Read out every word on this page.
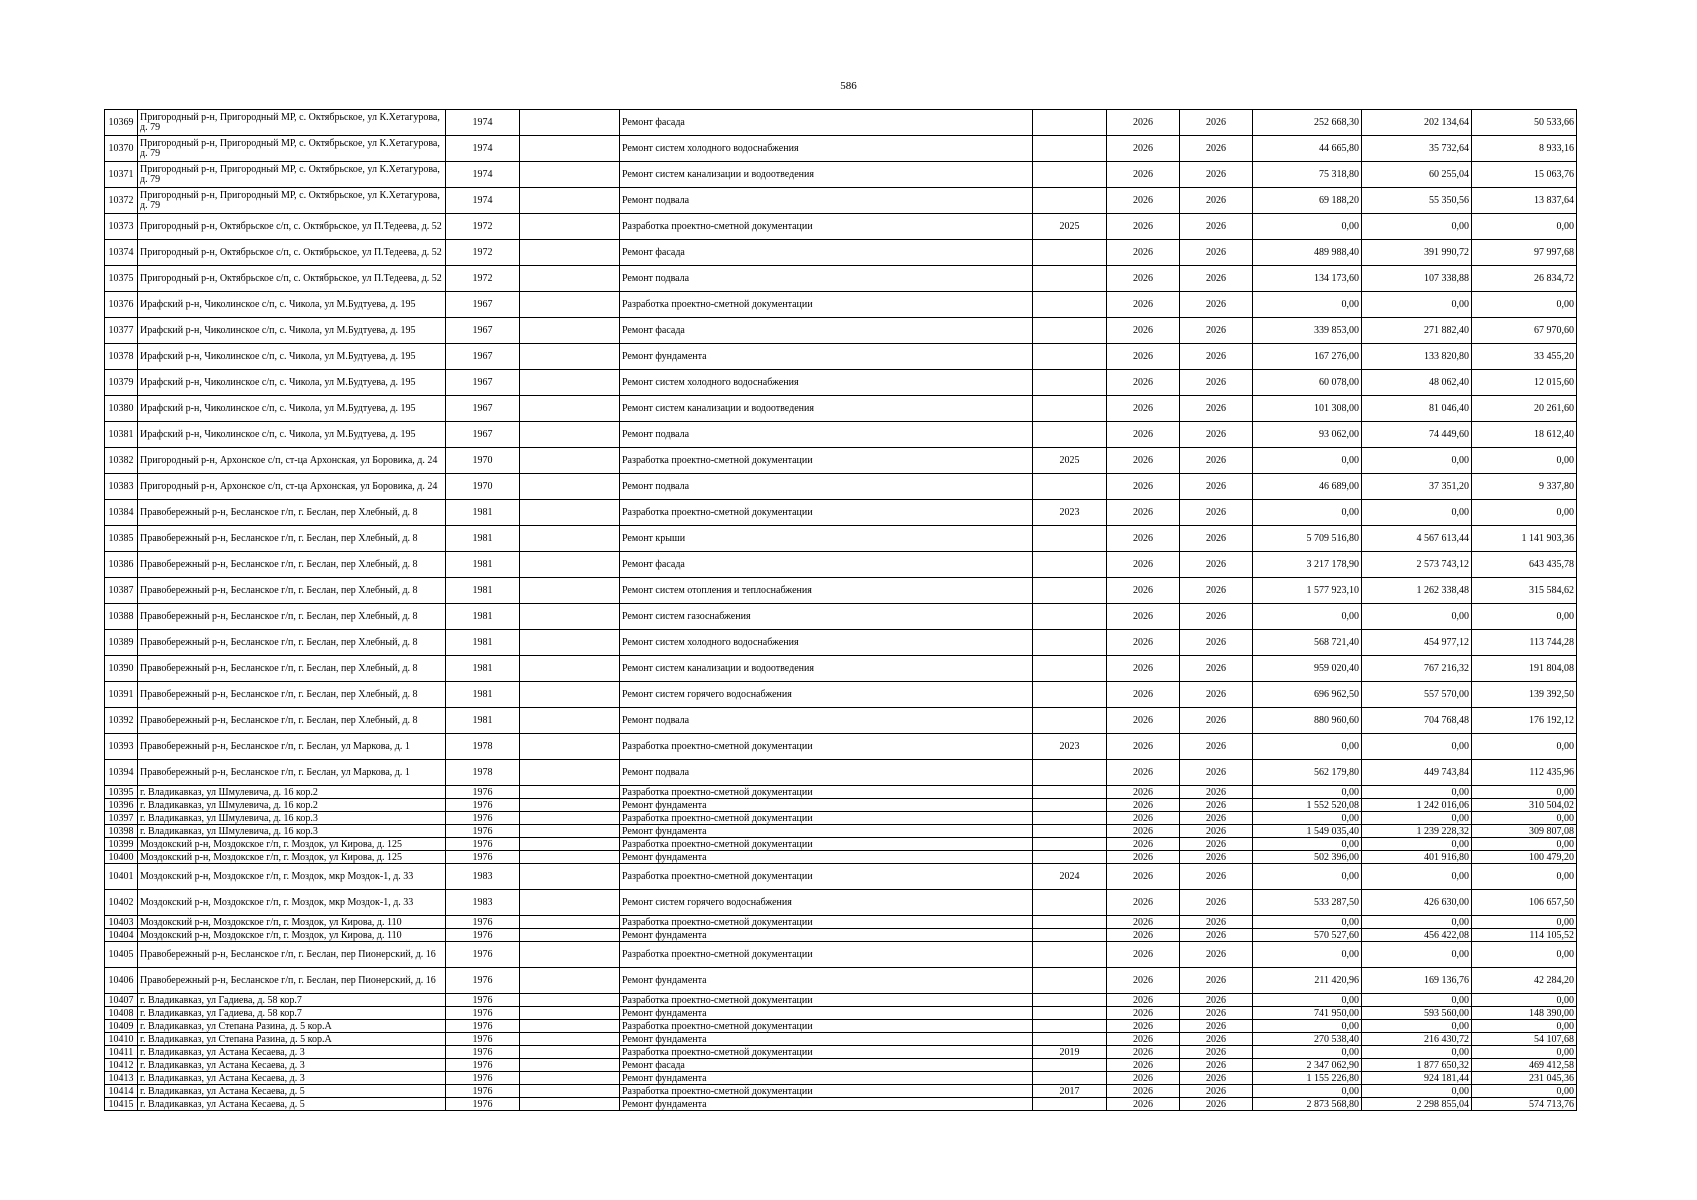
586
10369	Пригородный р-н, Пригородный МР, с. Октябрьское, ул К.Хетагурова, д. 79	1974		Ремонт фасада		2026	2026	252 668,30	202 134,64	50 533,66
10370	Пригородный р-н, Пригородный МР, с. Октябрьское, ул К.Хетагурова, д. 79	1974		Ремонт систем холодного водоснабжения		2026	2026	44 665,80	35 732,64	8 933,16
10371	Пригородный р-н, Пригородный МР, с. Октябрьское, ул К.Хетагурова, д. 79	1974		Ремонт систем канализации и водоотведения		2026	2026	75 318,80	60 255,04	15 063,76
10372	Пригородный р-н, Пригородный МР, с. Октябрьское, ул К.Хетагурова, д. 79	1974		Ремонт подвала		2026	2026	69 188,20	55 350,56	13 837,64
10373	Пригородный р-н, Октябрьское с/п, с. Октябрьское, ул П.Тедеева, д. 52	1972		Разработка проектно-сметной документации	2025	2026	2026	0,00	0,00	0,00
10374	Пригородный р-н, Октябрьское с/п, с. Октябрьское, ул П.Тедеева, д. 52	1972		Ремонт фасада		2026	2026	489 988,40	391 990,72	97 997,68
10375	Пригородный р-н, Октябрьское с/п, с. Октябрьское, ул П.Тедеева, д. 52	1972		Ремонт подвала		2026	2026	134 173,60	107 338,88	26 834,72
10376	Ирафский р-н, Чиколинское с/п, с. Чикола, ул М.Будтуева, д. 195	1967		Разработка проектно-сметной документации		2026	2026	0,00	0,00	0,00
10377	Ирафский р-н, Чиколинское с/п, с. Чикола, ул М.Будтуева, д. 195	1967		Ремонт фасада		2026	2026	339 853,00	271 882,40	67 970,60
10378	Ирафский р-н, Чиколинское с/п, с. Чикола, ул М.Будтуева, д. 195	1967		Ремонт фундамента		2026	2026	167 276,00	133 820,80	33 455,20
10379	Ирафский р-н, Чиколинское с/п, с. Чикола, ул М.Будтуева, д. 195	1967		Ремонт систем холодного водоснабжения		2026	2026	60 078,00	48 062,40	12 015,60
10380	Ирафский р-н, Чиколинское с/п, с. Чикола, ул М.Будтуева, д. 195	1967		Ремонт систем канализации и водоотведения		2026	2026	101 308,00	81 046,40	20 261,60
10381	Ирафский р-н, Чиколинское с/п, с. Чикола, ул М.Будтуева, д. 195	1967		Ремонт подвала		2026	2026	93 062,00	74 449,60	18 612,40
10382	Пригородный р-н, Архонское с/п, ст-ца Архонская, ул Боровика, д. 24	1970		Разработка проектно-сметной документации	2025	2026	2026	0,00	0,00	0,00
10383	Пригородный р-н, Архонское с/п, ст-ца Архонская, ул Боровика, д. 24	1970		Ремонт подвала		2026	2026	46 689,00	37 351,20	9 337,80
10384	Правобережный р-н, Бесланское г/п, г. Беслан, пер Хлебный, д. 8	1981		Разработка проектно-сметной документации	2023	2026	2026	0,00	0,00	0,00
10385	Правобережный р-н, Бесланское г/п, г. Беслан, пер Хлебный, д. 8	1981		Ремонт крыши		2026	2026	5 709 516,80	4 567 613,44	1 141 903,36
10386	Правобережный р-н, Бесланское г/п, г. Беслан, пер Хлебный, д. 8	1981		Ремонт фасада		2026	2026	3 217 178,90	2 573 743,12	643 435,78
10387	Правобережный р-н, Бесланское г/п, г. Беслан, пер Хлебный, д. 8	1981		Ремонт систем отопления и теплоснабжения		2026	2026	1 577 923,10	1 262 338,48	315 584,62
10388	Правобережный р-н, Бесланское г/п, г. Беслан, пер Хлебный, д. 8	1981		Ремонт систем газоснабжения		2026	2026	0,00	0,00	0,00
10389	Правобережный р-н, Бесланское г/п, г. Беслан, пер Хлебный, д. 8	1981		Ремонт систем холодного водоснабжения		2026	2026	568 721,40	454 977,12	113 744,28
10390	Правобережный р-н, Бесланское г/п, г. Беслан, пер Хлебный, д. 8	1981		Ремонт систем канализации и водоотведения		2026	2026	959 020,40	767 216,32	191 804,08
10391	Правобережный р-н, Бесланское г/п, г. Беслан, пер Хлебный, д. 8	1981		Ремонт систем горячего водоснабжения		2026	2026	696 962,50	557 570,00	139 392,50
10392	Правобережный р-н, Бесланское г/п, г. Беслан, пер Хлебный, д. 8	1981		Ремонт подвала		2026	2026	880 960,60	704 768,48	176 192,12
10393	Правобережный р-н, Бесланское г/п, г. Беслан, ул Маркова, д. 1	1978		Разработка проектно-сметной документации	2023	2026	2026	0,00	0,00	0,00
10394	Правобережный р-н, Бесланское г/п, г. Беслан, ул Маркова, д. 1	1978		Ремонт подвала		2026	2026	562 179,80	449 743,84	112 435,96
10395	г. Владикавказ, ул Шмулевича, д. 16 кор.2	1976		Разработка проектно-сметной документации		2026	2026	0,00	0,00	0,00
10396	г. Владикавказ, ул Шмулевича, д. 16 кор.2	1976		Ремонт фундамента		2026	2026	1 552 520,08	1 242 016,06	310 504,02
10397	г. Владикавказ, ул Шмулевича, д. 16 кор.3	1976		Разработка проектно-сметной документации		2026	2026	0,00	0,00	0,00
10398	г. Владикавказ, ул Шмулевича, д. 16 кор.3	1976		Ремонт фундамента		2026	2026	1 549 035,40	1 239 228,32	309 807,08
10399	Моздокский р-н, Моздокское г/п, г. Моздок, ул Кирова, д. 125	1976		Разработка проектно-сметной документации		2026	2026	0,00	0,00	0,00
10400	Моздокский р-н, Моздокское г/п, г. Моздок, ул Кирова, д. 125	1976		Ремонт фундамента		2026	2026	502 396,00	401 916,80	100 479,20
10401	Моздокский р-н, Моздокское г/п, г. Моздок, мкр Моздок-1, д. 33	1983		Разработка проектно-сметной документации	2024	2026	2026	0,00	0,00	0,00
10402	Моздокский р-н, Моздокское г/п, г. Моздок, мкр Моздок-1, д. 33	1983		Ремонт систем горячего водоснабжения		2026	2026	533 287,50	426 630,00	106 657,50
10403	Моздокский р-н, Моздокское г/п, г. Моздок, ул Кирова, д. 110	1976		Разработка проектно-сметной документации		2026	2026	0,00	0,00	0,00
10404	Моздокский р-н, Моздокское г/п, г. Моздок, ул Кирова, д. 110	1976		Ремонт фундамента		2026	2026	570 527,60	456 422,08	114 105,52
10405	Правобережный р-н, Бесланское г/п, г. Беслан, пер Пионерский, д. 16	1976		Разработка проектно-сметной документации		2026	2026	0,00	0,00	0,00
10406	Правобережный р-н, Бесланское г/п, г. Беслан, пер Пионерский, д. 16	1976		Ремонт фундамента		2026	2026	211 420,96	169 136,76	42 284,20
10407	г. Владикавказ, ул Гадиева, д. 58 кор.7	1976		Разработка проектно-сметной документации		2026	2026	0,00	0,00	0,00
10408	г. Владикавказ, ул Гадиева, д. 58 кор.7	1976		Ремонт фундамента		2026	2026	741 950,00	593 560,00	148 390,00
10409	г. Владикавказ, ул Степана Разина, д. 5 кор.А	1976		Разработка проектно-сметной документации		2026	2026	0,00	0,00	0,00
10410	г. Владикавказ, ул Степана Разина, д. 5 кор.А	1976		Ремонт фундамента		2026	2026	270 538,40	216 430,72	54 107,68
10411	г. Владикавказ, ул Астана Кесаева, д. 3	1976		Разработка проектно-сметной документации	2019	2026	2026	0,00	0,00	0,00
10412	г. Владикавказ, ул Астана Кесаева, д. 3	1976		Ремонт фасада		2026	2026	2 347 062,90	1 877 650,32	469 412,58
10413	г. Владикавказ, ул Астана Кесаева, д. 3	1976		Ремонт фундамента		2026	2026	1 155 226,80	924 181,44	231 045,36
10414	г. Владикавказ, ул Астана Кесаева, д. 5	1976		Разработка проектно-сметной документации	2017	2026	2026	0,00	0,00	0,00
10415	г. Владикавказ, ул Астана Кесаева, д. 5	1976		Ремонт фундамента		2026	2026	2 873 568,80	2 298 855,04	574 713,76
